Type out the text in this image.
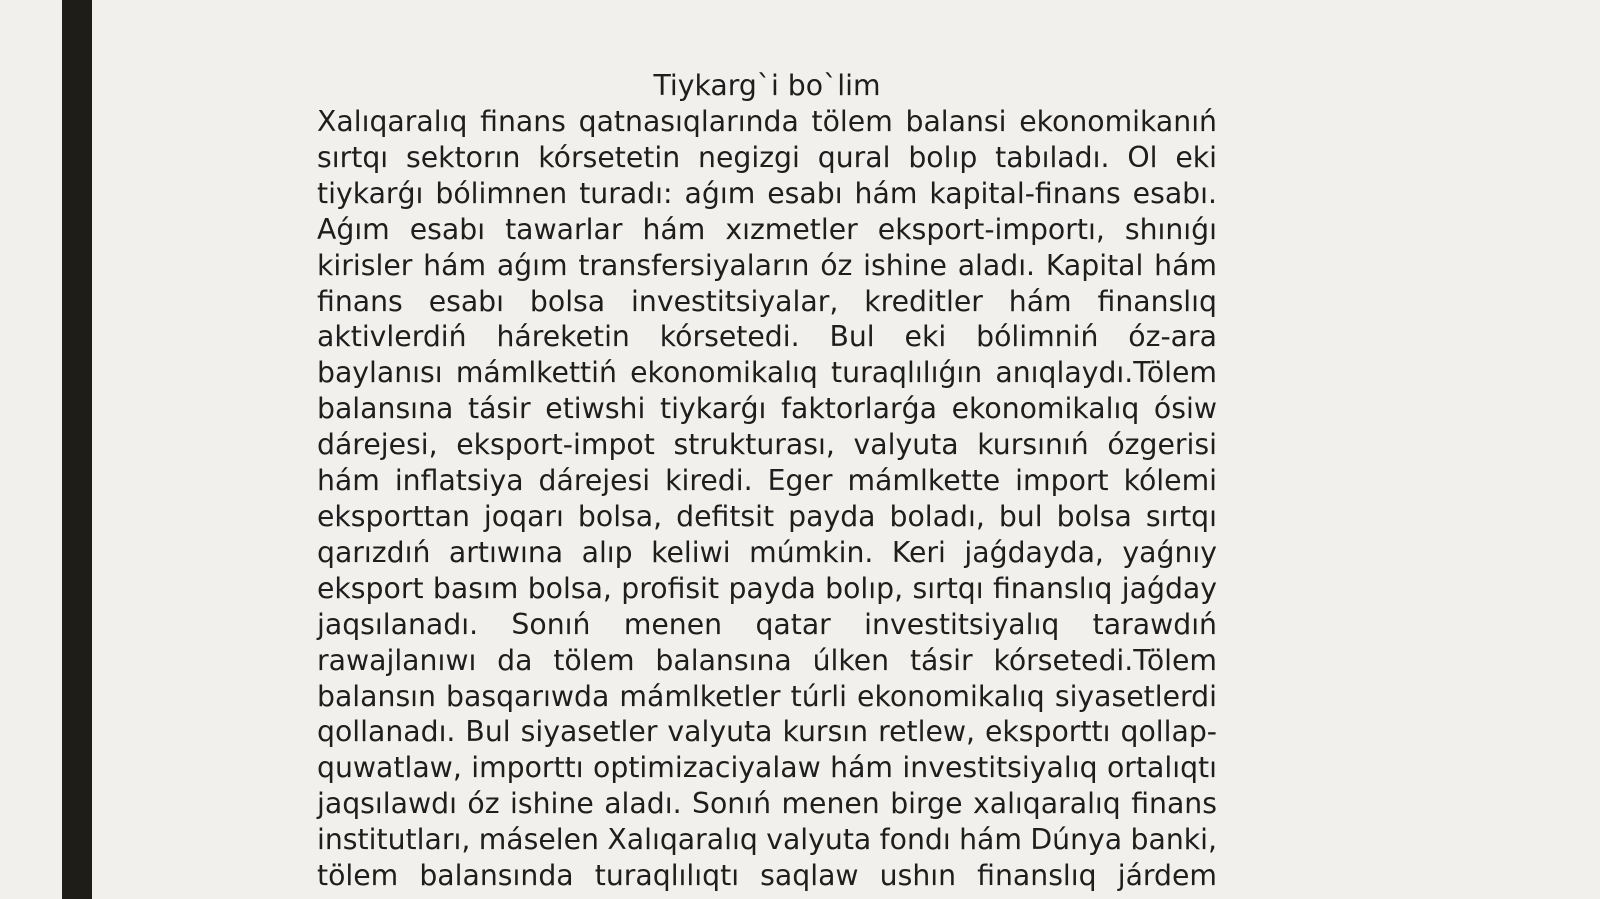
Tiykarg`i bo`lim

Xalıqaralıq finans qatnasıqlarında tölem balansi ekonomikanıń sırtqı sektorın kórsetetin negizgi qural bolıp tabıladı. Ol eki tiykarǵı bólimnen turadı: aǵım esabı hám kapital-finans esabı. Aǵım esabı tawarlar hám xızmetler eksport-importı, shınıǵı kirisler hám aǵım transfersiyaların óz ishine aladı. Kapital hám finans esabı bolsa investitsiyalar, kreditler hám finanslıq aktivlerdiń háreketin kórsetedi. Bul eki bólimniń óz-ara baylanısı mámlkettiń ekonomikalıq turaqlılıǵın anıqlaydı.Tölem balansına tásir etiwshi tiykarǵı faktorlarǵa ekonomikalıq ósiw dárejesi, eksport-impot strukturası, valyuta kursınıń ózgerisi hám inflatsiya dárejesi kiredi. Eger mámlkette import kólemi eksporttan joqarı bolsa, defitsit payda boladı, bul bolsa sırtqı qarızdıń artıwına alıp keliwi múmkin. Keri jaǵdayda, yaǵnıy eksport basım bolsa, profisit payda bolıp, sırtqı finanslıq jaǵday jaqsılanadı. Sonıń menen qatar investitsiyalıq tarawdıń rawajlanıwı da tölem balansına úlken tásir kórsetedi.Tölem balansın basqarıwda mámlketler túrli ekonomikalıq siyasetlerdi qollanadı. Bul siyasetler valyuta kursın retlew, eksporttı qollap-quwatlaw, importtı optimizaciyalaw hám investitsiyalıq ortalıqtı jaqsılawdı óz ishine aladı. Sonıń menen birge xalıqaralıq finans institutları, máselen Xalıqaralıq valyuta fondı hám Dúnya banki, tölem balansında turaqlılıqtı saqlaw ushın finanslıq járdem
